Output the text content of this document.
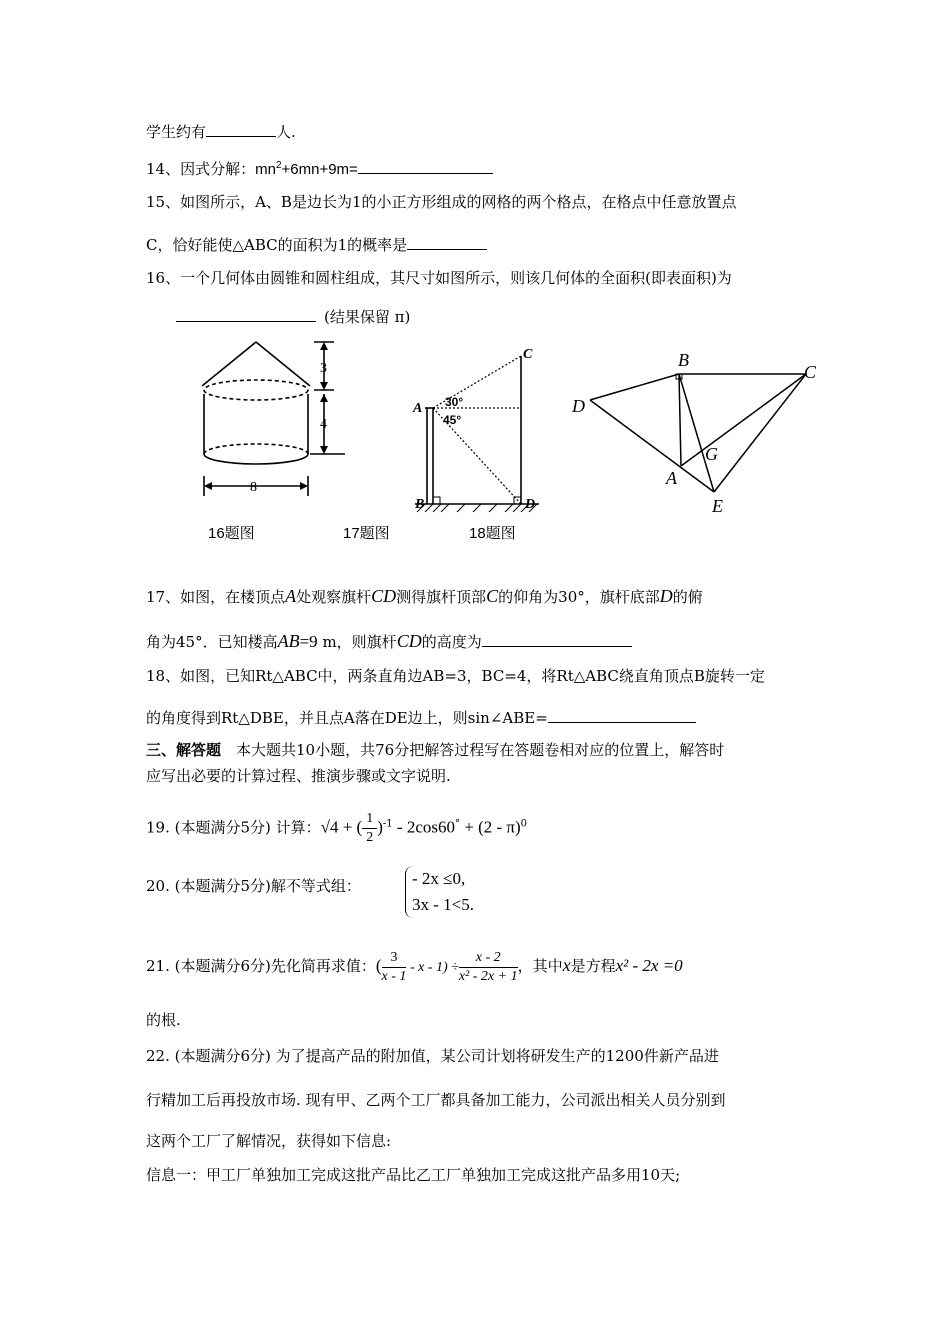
学生约有	人.
14、因式分解：$mn^2+6mn+9m=$
15、如图所示，A、B是边长为1的小正方形组成的网格的两个格点，在格点中任意放置点
C，恰好能使△ABC的面积为1的概率是
16、一个几何体由圆锥和圆柱组成，其尺寸如图所示，则该几何体的全面积(即表面积)为
(结果保留 π)
3
4
8
A
B
C
D
30°
45°
B
C
D
A
G
E
16题图	17题图	18题图
17、如图，在楼顶点A处观察旗杆CD测得旗杆顶部C的仰角为30°，旗杆底部D的俯
角为45°．已知楼高AB=9 m，则旗杆CD的高度为
18、如图，已知Rt△ABC中，两条直角边AB=3，BC=4，将Rt△ABC绕直角顶点B旋转一定
的角度得到Rt△DBE，并且点A落在DE边上，则sin∠ABE=
三、解答题　本大题共10小题，共76分把解答过程写在答题卷相对应的位置上，解答时
应写出必要的计算过程、推演步骤或文字说明.
19. (本题满分5分) 计算：√4 + ( $\frac{1}{2} )^{-1} - 2\cos 60^\circ + (2 - \pi)^0$
20. (本题满分5分)解不等式组：	- 2x ≤0,
3x - 1<5.
21. (本题满分6分)先化简再求值：( $\frac{3}{x - 1} - x - 1) \div \frac{x - 2}{\text{x² - 2x + 1}}$ ，其中x是方程x² - 2x =0
的根.
22. (本题满分6分) 为了提高产品的附加值，某公司计划将研发生产的1200件新产品进
行精加工后再投放市场. 现有甲、乙两个工厂都具备加工能力，公司派出相关人员分别到
这两个工厂了解情况，获得如下信息:
信息一：甲工厂单独加工完成这批产品比乙工厂单独加工完成这批产品多用10天;
